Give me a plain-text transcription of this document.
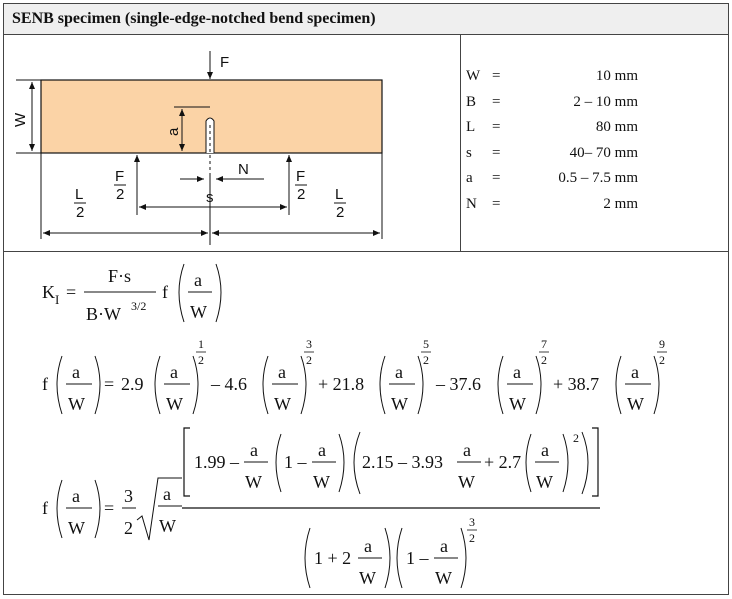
SENB specimen (single-edge-notched bend specimen)
F
W
a
F
2
F
2
N
s
L
2
L
2
W =	10 mm
B =	2 – 10 mm
L =	80 mm
s =	40– 70 mm
a =	0.5 – 7.5 mm
N =	2 mm
K I =
F·s
B·W 3/2
f
a
W
f
a
W
= 2.9
a
W
1
2
– 4.6
a
W
3
2
+ 21.8
a
W
5
2
– 37.6
a
W
7
2
+ 38.7
a
W
9
2
f
a
W
=
3
2
a
W
1.99 –
a
W
1 –
a
W
2.15 – 3.93
a
W
+ 2.7
a
W
2
1 + 2
a
W
1 –
a
W
3
2
